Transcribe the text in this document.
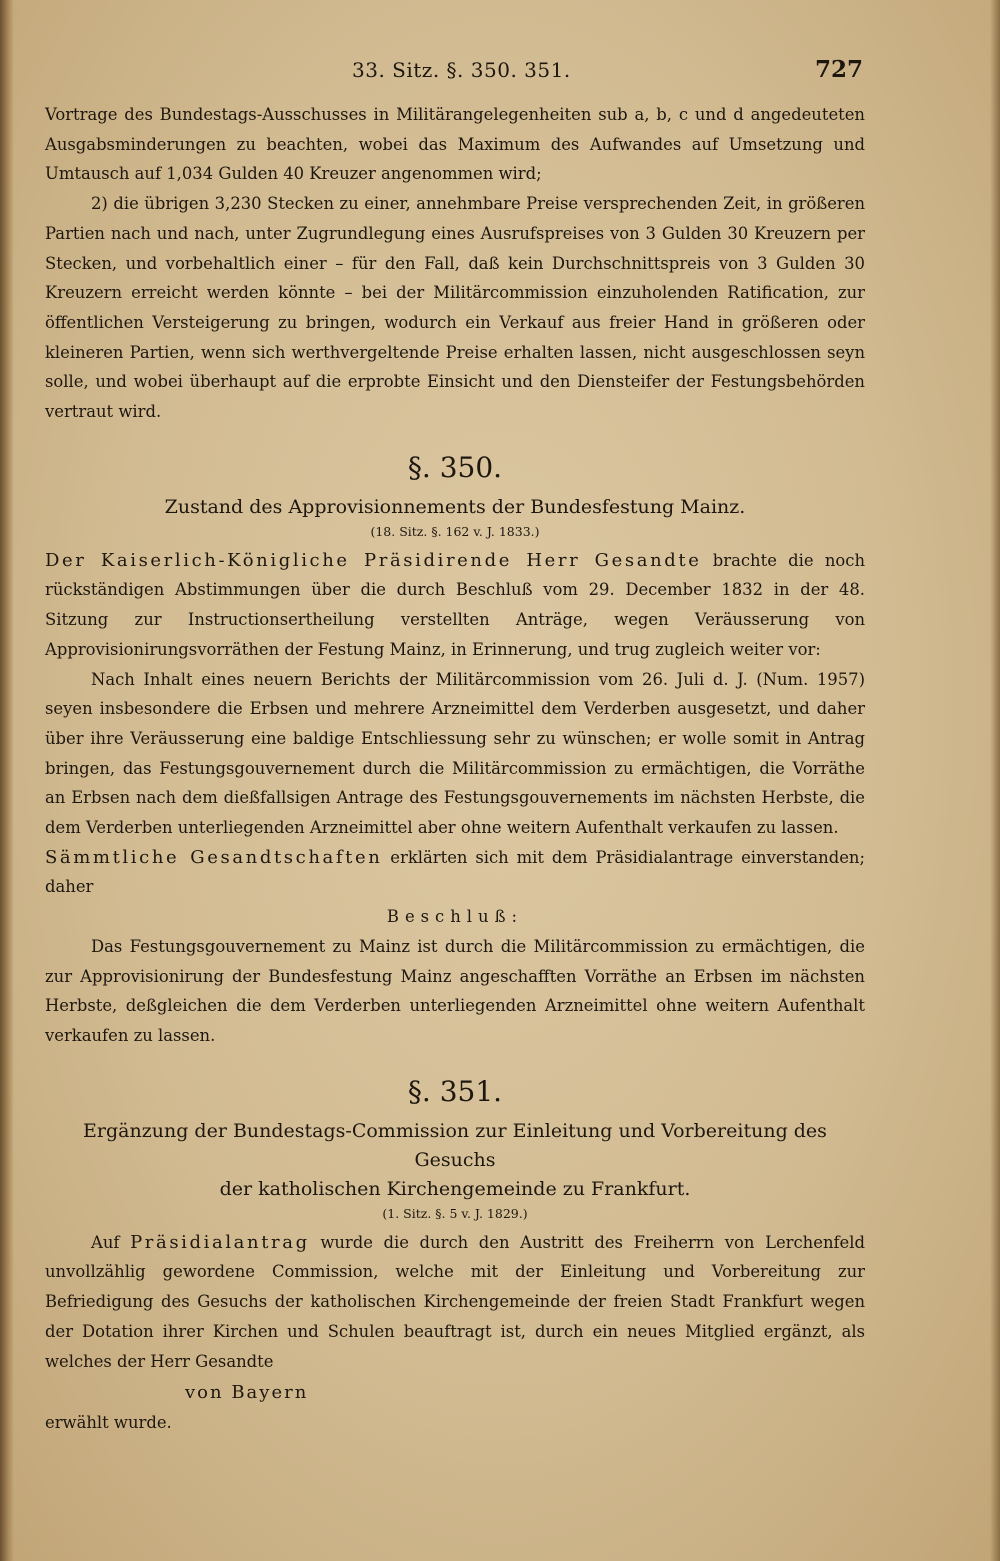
33. Sitz. §. 350. 351.	727

Vortrage des Bundestags-Ausschusses in Militärangelegenheiten sub a, b, c und d angedeuteten Ausgabsminderungen zu beachten, wobei das Maximum des Aufwandes auf Umsetzung und Umtausch auf 1,034 Gulden 40 Kreuzer angenommen wird;

2) die übrigen 3,230 Stecken zu einer, annehmbare Preise versprechenden Zeit, in größeren Partien nach und nach, unter Zugrundlegung eines Ausrufspreises von 3 Gulden 30 Kreuzern per Stecken, und vorbehaltlich einer – für den Fall, daß kein Durchschnittspreis von 3 Gulden 30 Kreuzern erreicht werden könnte – bei der Militärcommission einzuholenden Ratification, zur öffentlichen Versteigerung zu bringen, wodurch ein Verkauf aus freier Hand in größeren oder kleineren Partien, wenn sich werthvergeltende Preise erhalten lassen, nicht ausgeschlossen seyn solle, und wobei überhaupt auf die erprobte Einsicht und den Diensteifer der Festungsbehörden vertraut wird.

§. 350.
Zustand des Approvisionnements der Bundesfestung Mainz.
(18. Sitz. §. 162 v. J. 1833.)

Der Kaiserlich-Königliche Präsidirende Herr Gesandte brachte die noch rückständigen Abstimmungen über die durch Beschluß vom 29. December 1832 in der 48. Sitzung zur Instructionsertheilung verstellten Anträge, wegen Veräusserung von Approvisionirungsvorräthen der Festung Mainz, in Erinnerung, und trug zugleich weiter vor:

Nach Inhalt eines neuern Berichts der Militärcommission vom 26. Juli d. J. (Num. 1957) seyen insbesondere die Erbsen und mehrere Arzneimittel dem Verderben ausgesetzt, und daher über ihre Veräusserung eine baldige Entschliessung sehr zu wünschen; er wolle somit in Antrag bringen, das Festungsgouvernement durch die Militärcommission zu ermächtigen, die Vorräthe an Erbsen nach dem dießfallsigen Antrage des Festungsgouvernements im nächsten Herbste, die dem Verderben unterliegenden Arzneimittel aber ohne weitern Aufenthalt verkaufen zu lassen.

Sämmtliche Gesandtschaften erklärten sich mit dem Präsidialantrage einverstanden; daher

Beschluß:

Das Festungsgouvernement zu Mainz ist durch die Militärcommission zu ermächtigen, die zur Approvisionirung der Bundesfestung Mainz angeschafften Vorräthe an Erbsen im nächsten Herbste, deßgleichen die dem Verderben unterliegenden Arzneimittel ohne weitern Aufenthalt verkaufen zu lassen.

§. 351.
Ergänzung der Bundestags-Commission zur Einleitung und Vorbereitung des Gesuchs
der katholischen Kirchengemeinde zu Frankfurt.
(1. Sitz. §. 5 v. J. 1829.)

Auf Präsidialantrag wurde die durch den Austritt des Freiherrn von Lerchenfeld unvollzählig gewordene Commission, welche mit der Einleitung und Vorbereitung zur Befriedigung des Gesuchs der katholischen Kirchengemeinde der freien Stadt Frankfurt wegen der Dotation ihrer Kirchen und Schulen beauftragt ist, durch ein neues Mitglied ergänzt, als welches der Herr Gesandte

von Bayern

erwählt wurde.
